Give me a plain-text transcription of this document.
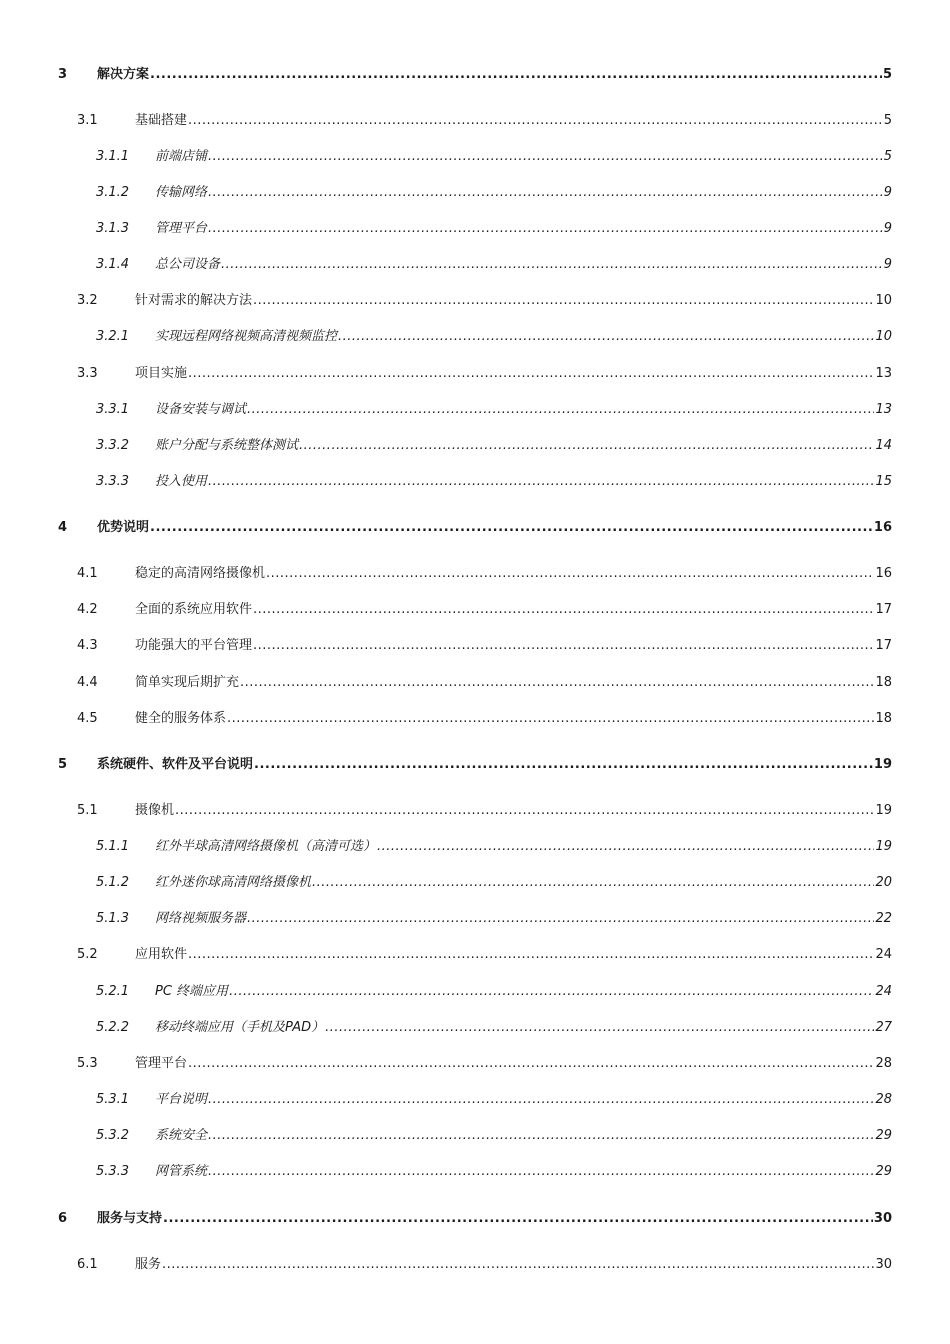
3	解决方案 .....	5
3.1	基础搭建 .....	5
3.1.1	前端店铺 .....	5
3.1.2	传输网络 .....	9
3.1.3	管理平台 .....	9
3.1.4	总公司设备 .....	9
3.2	针对需求的解决方法 .....	10
3.2.1	实现远程网络视频高清视频监控 .....	10
3.3	项目实施 .....	13
3.3.1	设备安装与调试 .....	13
3.3.2	账户分配与系统整体测试 .....	14
3.3.3	投入使用 .....	15
4	优势说明 .....	16
4.1	稳定的高清网络摄像机 .....	16
4.2	全面的系统应用软件 .....	17
4.3	功能强大的平台管理 .....	17
4.4	简单实现后期扩充 .....	18
4.5	健全的服务体系 .....	18
5	系统硬件、软件及平台说明 .....	19
5.1	摄像机 .....	19
5.1.1	红外半球高清网络摄像机（高清可选） .....	19
5.1.2	红外迷你球高清网络摄像机 .....	20
5.1.3	网络视频服务器 .....	22
5.2	应用软件 .....	24
5.2.1	PC 终端应用 .....	24
5.2.2	移动终端应用（手机及PAD） .....	27
5.3	管理平台 .....	28
5.3.1	平台说明 .....	28
5.3.2	系统安全 .....	29
5.3.3	网管系统 .....	29
6	服务与支持 .....	30
6.1	服务 .....	30
